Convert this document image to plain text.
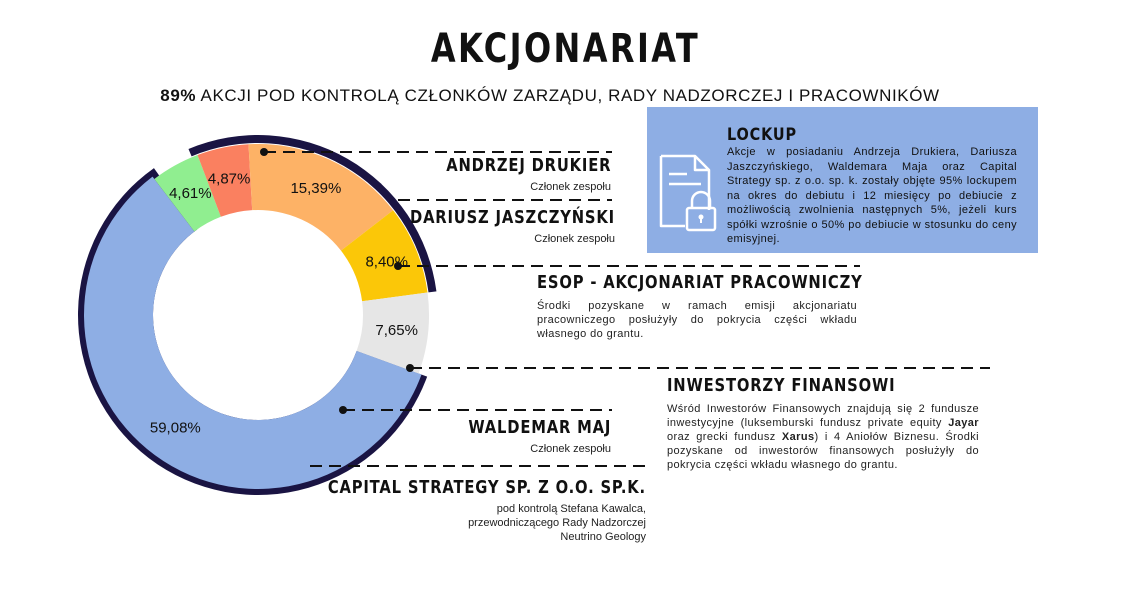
AKCJONARIAT
89% AKCJI POD KONTROLĄ CZŁONKÓW ZARZĄDU, RADY NADZORCZEJ I PRACOWNIKÓW
59,08%
4,61%
4,87%
15,39%
8,40%
7,65%
ANDRZEJ DRUKIER
Członek zespołu
DARIUSZ JASZCZYŃSKI
Członek zespołu
ESOP - AKCJONARIAT PRACOWNICZY
Środki pozyskane w ramach emisji akcjonariatu pracowniczego posłużyły do pokrycia części wkładu własnego do grantu.
INWESTORZY FINANSOWI
Wśród Inwestorów Finansowych znajdują się 2 fundusze inwestycyjne (luksemburski fundusz private equity Jayar oraz grecki fundusz Xarus) i 4 Aniołów Biznesu. Środki pozyskane od inwestorów finansowych posłużyły do pokrycia części wkładu własnego do grantu.
WALDEMAR MAJ
Członek zespołu
CAPITAL STRATEGY SP. Z O.O. SP.K.
pod kontrolą Stefana Kawalca,
przewodniczącego Rady Nadzorczej
Neutrino Geology
LOCKUP
Akcje w posiadaniu Andrzeja Drukiera, Dariusza Jaszczyńskiego, Waldemara Maja oraz Capital Strategy sp. z o.o. sp. k. zostały objęte 95% lockupem na okres do debiutu i 12 miesięcy po debiucie z możliwością zwolnienia następnych 5%, jeżeli kurs spółki wzrośnie o 50% po debiucie w stosunku do ceny emisyjnej.
